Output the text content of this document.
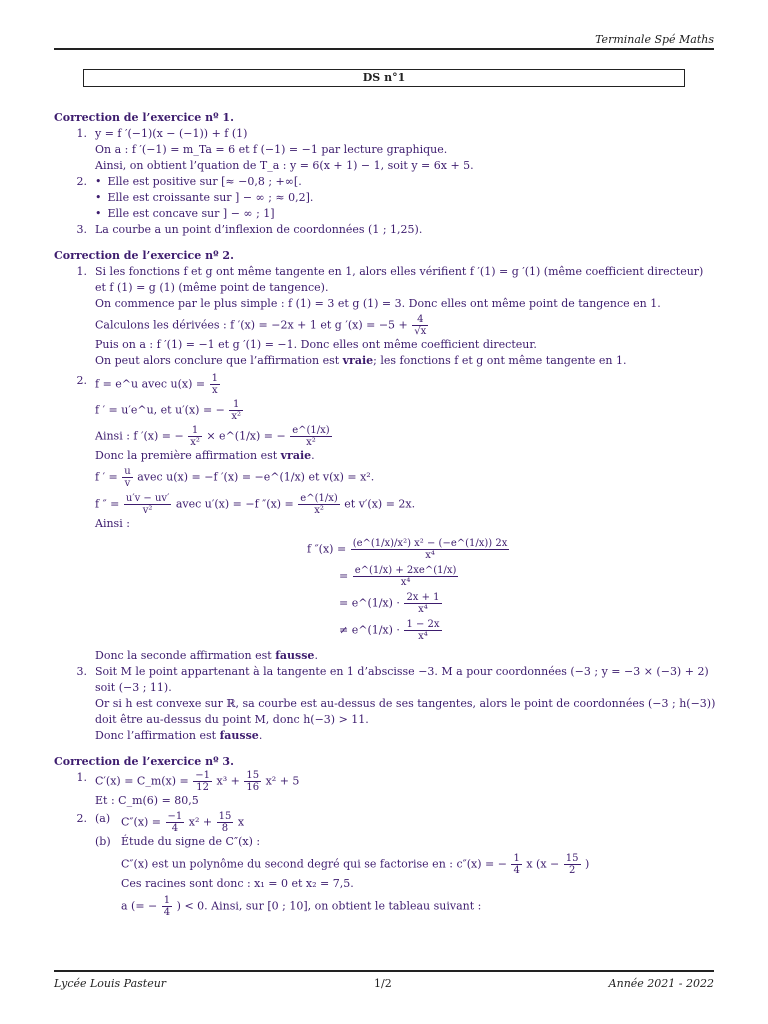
Terminale Spé Maths
DS n°1
Correction de l’exercice nº 1.
1. y = f ′(−1)(x − (−1)) + f (1)
On a : f ′(−1) = m_Ta = 6 et f (−1) = −1 par lecture graphique.
Ainsi, on obtient l’quation de T_a : y = 6(x + 1) − 1, soit y = 6x + 5.
2.
•	Elle est positive sur [≈ −0,8 ; +∞[.
• Elle est croissante sur ] − ∞ ; ≈ 0,2].
• Elle est concave sur ] − ∞ ; 1]
3. La courbe a un point d’inflexion de coordonnées (1 ; 1,25).
Correction de l’exercice nº 2.
1. Si les fonctions f et g ont même tangente en 1, alors elles vérifient f ′(1) = g ′(1) (même coefficient directeur) et f (1) = g (1) (même point de tangence).
On commence par le plus simple : f (1) = 3 et g (1) = 3. Donc elles ont même point de tangence en 1.
Calculons les dérivées : f ′(x) = −2x + 1 et g $'(x) = -5 + \frac{4}{√x}$
Puis on a : f ′(1) = −1 et g ′(1) = −1. Donc elles ont même coefficient directeur.
On peut alors conclure que l’affirmation est vraie; les fonctions f et g ont même tangente en 1.
2. f = e^u avec $u(x) = \frac{1}{x}$
f ′ = u′e^u, et u′(x) = − $\frac{1}{\text{x²}}$
Ainsi : f ′(x) = − $\frac{1}{\text{x²}}$ × e^(1/x) = − $\frac{e\^{}(1/x)}{\text{x²}}$
Donc la première affirmation est vraie.
f ′ = $\frac{u}{v}$ avec u(x) = −f ′(x) = −e^(1/x) et v(x) = x².
f ″ = $\frac{u'v - uv'}{\text{v²}}$ avec u′(x) = −f $''(x) = \frac{e\^{}(1/x)}{\text{x²}}$ et v′(x) = 2x.
Ainsi :
f $''(x) = \frac{\text{(e\textasciicircum{}(1/x)/x²) x² − (−e\textasciicircum{}(1/x)) 2x}}{\text{x⁴}}$
= $\frac{e\^{}(1/x) + 2xe\^{}(1/x)}{\text{x⁴}}$
= e^(1/x) · $\frac{2x + 1}{\text{x⁴}}$
≠ e^(1/x) · $\frac{1 - 2x}{\text{x⁴}}$
Donc la seconde affirmation est fausse.
3. Soit M le point appartenant à la tangente en 1 d’abscisse −3. M a pour coordonnées (−3 ; y = −3 × (−3) + 2) soit (−3 ; 11).
Or si h est convexe sur ℝ, sa courbe est au-dessus de ses tangentes, alors le point de coordonnées (−3 ; h(−3)) doit être au-dessus du point M, donc h(−3) > 11.
Donc l’affirmation est fausse.
Correction de l’exercice nº 3.
1. C′(x) = C_m(x) = $\frac{-1}{12} x^3 + \frac{15}{16} x^2 + 5$
Et : C_m(6) = 80,5
2. (a) $C''(x) = \frac{-1}{4} x^2 + \frac{15}{8}$ x
(b) Étude du signe de C″(x) :
C″(x) est un polynôme du second degré qui se factorise en : c″(x) = − $\frac{1}{4}$ x ($x - \frac{15}{2}$ )
Ces racines sont donc : x₁ = 0 et x₂ = 7,5.
a (= − $\frac{1}{4}$ ) < 0. Ainsi, sur [0 ; 10], on obtient le tableau suivant :
Lycée Louis Pasteur	1/2	Année 2021 - 2022
